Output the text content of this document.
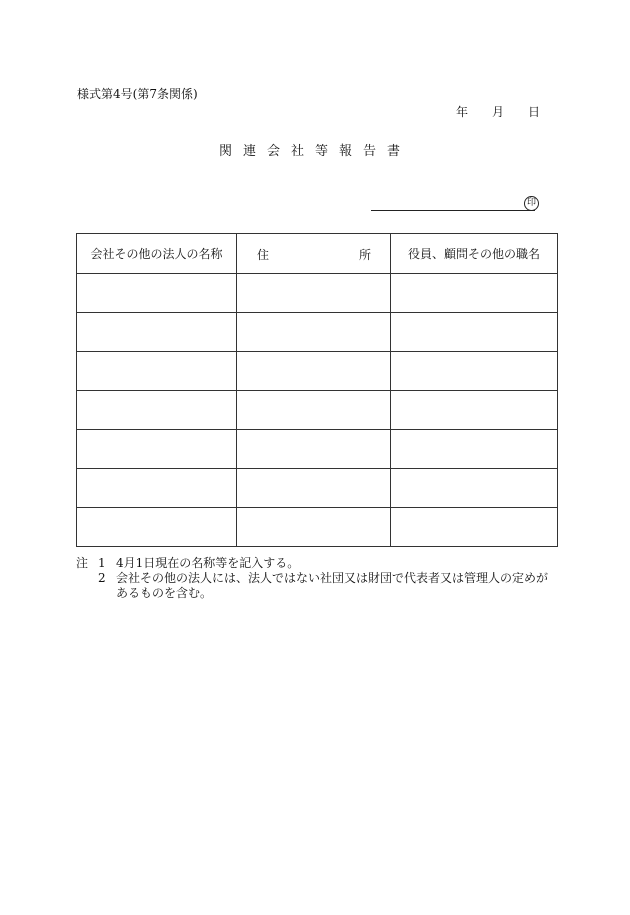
様式第4号(第7条関係)
年 月 日
関連会社等報告書
印
会社その他の法人の名称	住 所	役員、顧問その他の職名

注 1 4月1日現在の名称等を記入する。
2 会社その他の法人には、法人ではない社団又は財団で代表者又は管理人の定めがあるものを含む。
